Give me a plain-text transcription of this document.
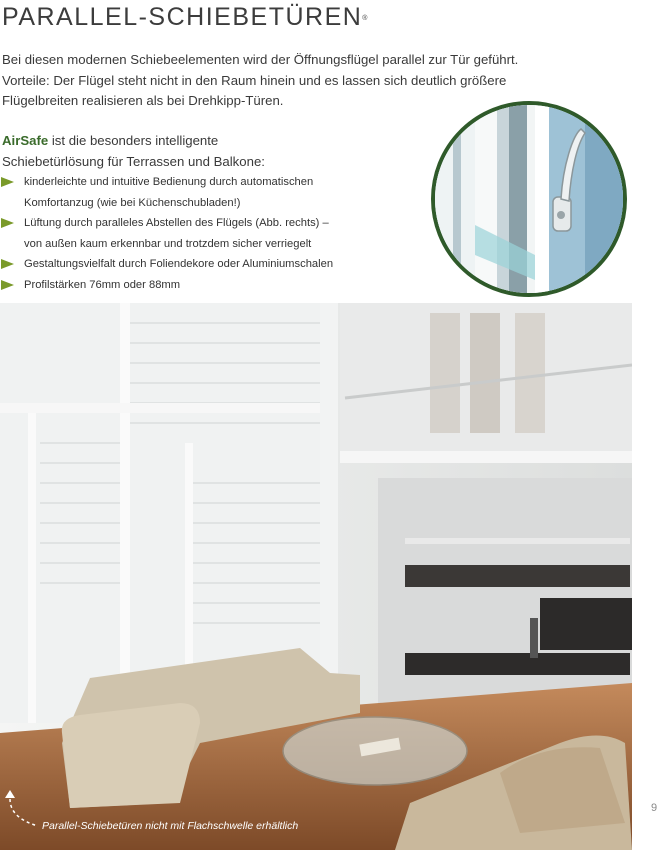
PARALLEL-SCHIEBETÜREN®

Bei diesen modernen Schiebeelementen wird der Öffnungsflügel parallel zur Tür geführt.

Vorteile: Der Flügel steht nicht in den Raum hinein und es lassen sich deutlich größere

Flügelbreiten realisieren als bei Drehkipp-Türen.

AirSafe ist die besonders intelligente
Schiebetürlösung für Terrassen und Balkone:
kinderleichte und intuitive Bedienung durch automatischen
Komfortanzug (wie bei Küchenschubladen!)
Lüftung durch paralleles Abstellen des Flügels (Abb. rechts) –
von außen kaum erkennbar und trotzdem sicher verriegelt
Gestaltungsvielfalt durch Foliendekore oder Aluminiumschalen
Profilstärken 76mm oder 88mm
Parallel-Schiebetüren nicht mit Flachschwelle erhältlich
9
